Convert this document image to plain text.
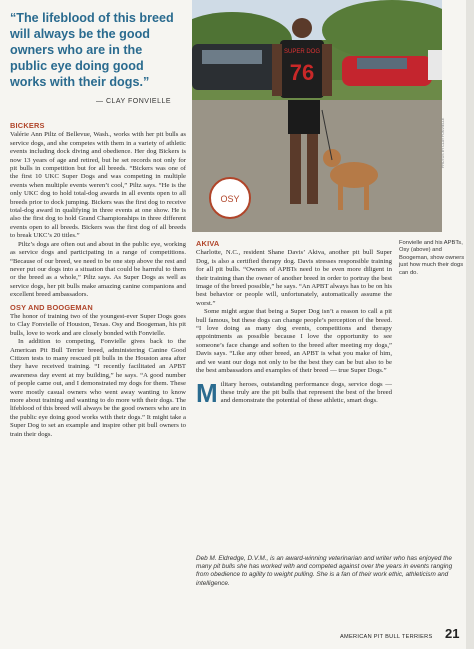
“The lifeblood of this breed will always be the good owners who are in the public eye doing good works with their dogs.”
— CLAY FONVIELLE
BICKERS

Valérie Ann Piltz of Bellevue, Wash., works with her pit bulls as service dogs, and she competes with them in a variety of athletic events including dock diving and obedience. Her dog Bickers is now 13 years of age and retired, but he set records not only for pit bulls in competition but for all breeds. “Bickers was one of the first 10 UKC Super Dogs and was competing in multiple events when multiple events weren’t cool,” Piltz says. “He is the only UKC dog to hold total-dog awards in all events open to all breeds prior to dock jumping. Bickers was the first dog to receive total-dog award in qualifying in three events at one show. He is also the first dog to hold Grand Championships in three different events open to all breeds. Bickers was the first dog of all breeds to break UKC’s 20 titles.”

Piltz’s dogs are often out and about in the public eye, working as service dogs and participating in a range of competitions. “Because of our breed, we need to be one step above the rest and never put our dogs into a situation that could be harmful to them or the breed as a whole,” Piltz says. As Super Dogs as well as service dogs, her pit bulls make amazing canine companions and excellent breed ambassadors.

OSY AND BOOGEMAN

The honor of training two of the youngest-ever Super Dogs goes to Clay Fonvielle of Houston, Texas. Osy and Boogeman, his pit bulls, love to work and are closely bonded with Fonvielle.

In addition to competing, Fonvielle gives back to the American Pit Bull Terrier breed, administering Canine Good Citizen tests to many rescued pit bulls in the Houston area after they have received training. “I recently facilitated an APBT awareness day event at my building,” he says. “A good number of people came out, and I demonstrated my dogs for them. These were mostly casual owners who went away wanting to know more about training and wanting to do more with their dogs. The lifeblood of this breed will always be the good owners who are in the public eye doing good works with their dogs.” It might take a Super Dog to set an example and inspire other pit bull owners to train their dogs.

SUPER DOG
76
OSY
PHOTOS BY CLAY FONVIELLE
AKIVA

Charlotte, N.C., resident Shane Davis’ Akiva, another pit bull Super Dog, is also a certified therapy dog. Davis stresses responsible training for all pit bulls. “Owners of APBTs need to be even more diligent in their training than the owner of another breed in order to portray the best image of the breed possible,” he says. “An APBT always has to be on his best behavior or people will, unfortunately, automatically assume the worst.”

Some might argue that being a Super Dog isn’t a reason to call a pit bull famous, but these dogs can change people’s perception of the breed. “I love doing as many dog events, competitions and therapy appointments as possible because I love the opportunity to see someone’s face change and soften to the breed after meeting my dogs,” Davis says. “Like any other breed, an APBT is what you make of him, and we want our dogs not only to be the best they can be but also to be the best ambassadors and examples of their breed — true Super Dogs.”

Military heroes, outstanding performance dogs, service dogs — these truly are the pit bulls that represent the best of the breed and demonstrate the potential of these athletic, smart dogs.

Fonvielle and his APBTs, Osy (above) and Boogeman, show owners just how much their dogs can do.
Deb M. Eldredge, D.V.M., is an award-winning veterinarian and writer who has enjoyed the many pit bulls she has worked with and competed against over the years in events ranging from obedience to agility to weight pulling. She is a fan of their work ethic, athleticism and intelligence.
AMERICAN PIT BULL TERRIERS 21
